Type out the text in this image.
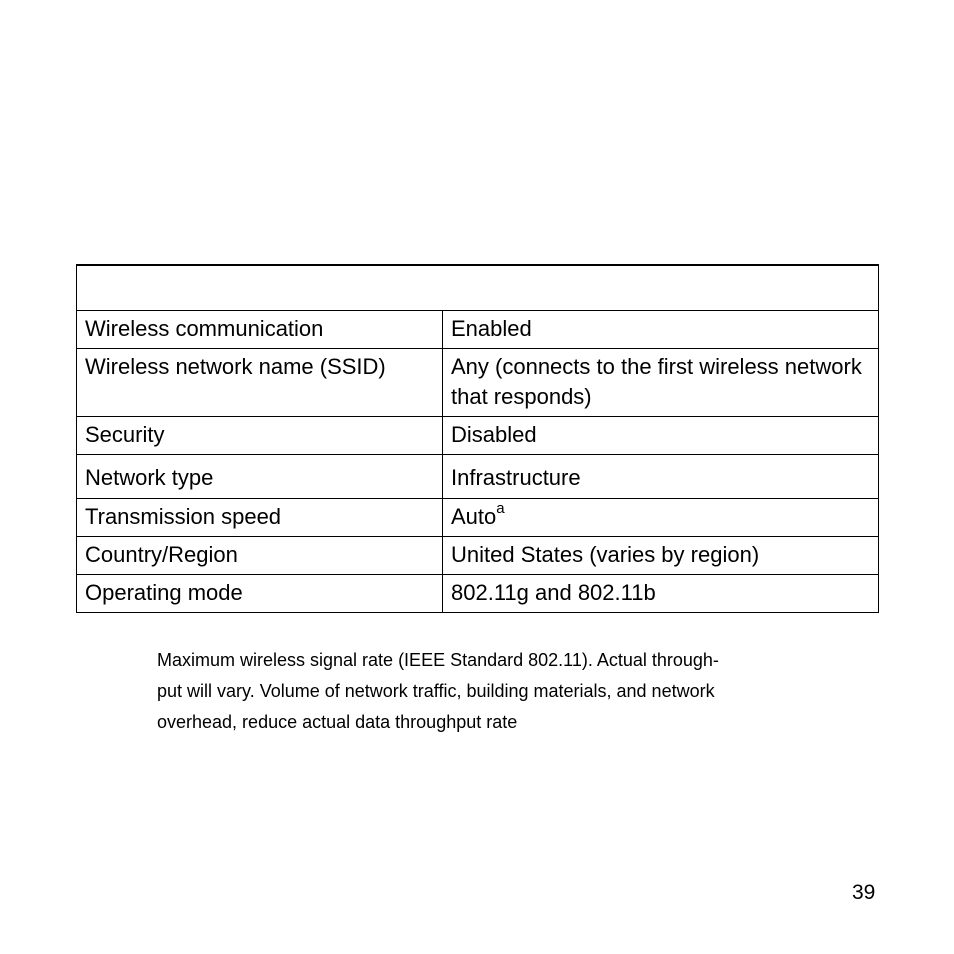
Wireless communication	Enabled
Wireless network name (SSID)	Any (connects to the first wireless network that responds)
Security	Disabled
Network type	Infrastructure
Transmission speed	Auto$^a$
Country/Region	United States (varies by region)
Operating mode	802.11g and 802.11b

Maximum wireless signal rate (IEEE Standard 802.11). Actual through-
put will vary. Volume of network traffic, building materials, and network
overhead, reduce actual data throughput rate

39
